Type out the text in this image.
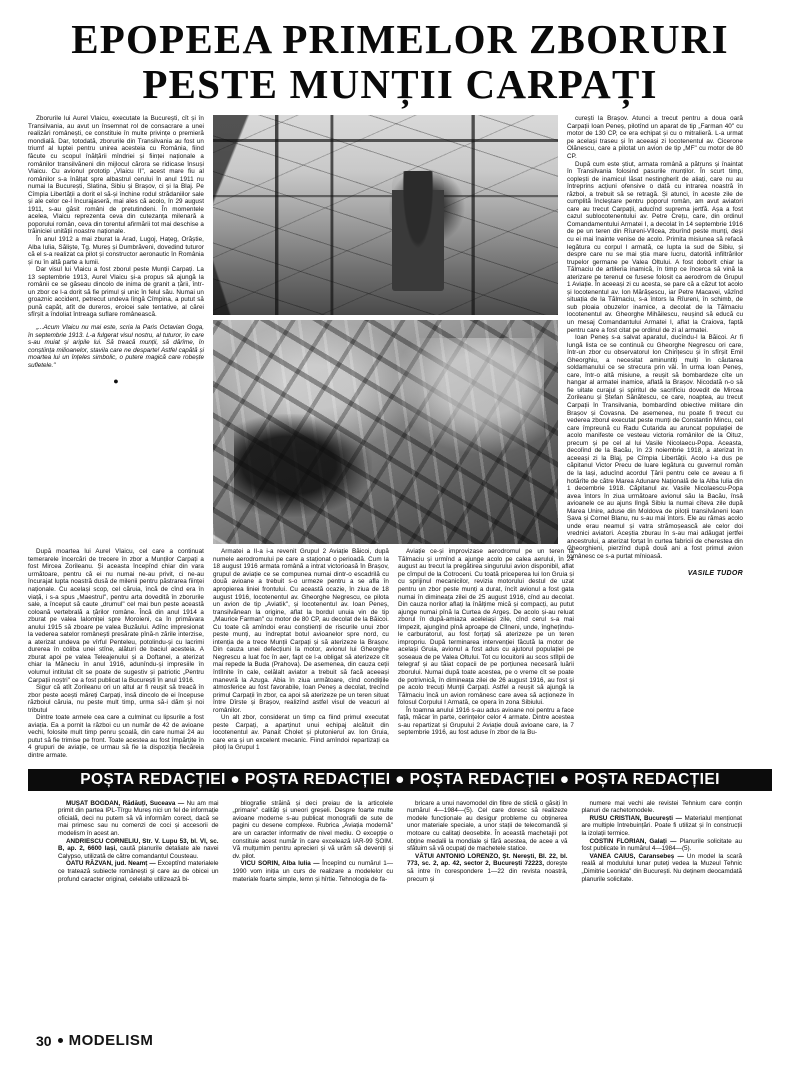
EPOPEEA PRIMELOR ZBORURI
PESTE MUNȚII CARPAȚI

Zborurile lui Aurel Vlaicu, executate la București, cît și în Transilvania, au avut un însemnat rol de consacrare a unei realizări românești, ce constituie în multe privințe o premieră mondială. Dar, totodată, zborurile din Transilvania au fost un triumf al luptei pentru unirea acesteia cu România, fiind făcute cu scopul înălțării mîndriei și ființei naționale a românilor transilvăneni din mijlocul cărora se ridicase însuși Vlaicu. Cu avionul prototip „Vlaicu II", acest mare fiu al românilor s-a înălțat spre albastrul cerului în anul 1911 nu numai la București, Slatina, Sibiu și Brașov, ci și la Blaj. Pe Cîmpia Libertății a dorit el să-și închine rodul strădaniilor sale și ale celor ce-l încurajaseră, mai ales că acolo, în 29 august 1911, s-au găsit români de pretutindeni. În momentele acelea, Vlaicu reprezenta ceva din cutezanța milenară a poporului român, ceva din torentul afirmării tot mai deschise a trăiniciei unității noastre naționale.

În anul 1912 a mai zburat la Arad, Lugoj, Hațeg, Orăștie, Alba Iulia, Săliște, Tg. Mureș și Dumbrăveni, dovedind tuturor că el s-a realizat ca pilot și constructor aeronautic în România și nu în altă parte a lumii.

Dar visul lui Vlaicu a fost zborul peste Munții Carpați. La 13 septembrie 1913, Aurel Vlaicu și-a propus să ajungă la românii ce se găseau dincolo de inima de granit a țării, într-un zbor ce l-a dorit să fie primul și unic în felul său. Numai un groaznic accident, petrecut undeva lîngă Cîmpina, a putut să pună capăt, atît de dureros, eroicei sale tentative, al cărei sfîrșit a îndoliat întreaga suflare românească.

„...Acum Vlaicu nu mai este, scria la Paris Octavian Goga, în septembrie 1913. L-a fulgerat visul nostru, al tuturor, în care s-au muiat și aripile lui. Să treacă munții, să dărîme, în conștiința milioanelor, stavila care ne desparte! Astfel capătă și moartea lui un înțeles simbolic, o putere magică care robește sufletele."

●

curești la Brașov. Atunci a trecut pentru a doua oară Carpații Ioan Peneș, pilotînd un aparat de tip „Farman 40" cu motor de 130 CP, ce era echipat și cu o mitralieră. L-a urmat pe același traseu și în aceeași zi locotenentul av. Cicerone Olănescu, care a pilotat un avion de tip „MF" cu motor de 80 CP.

După cum este știut, armata română a pătruns și înaintat în Transilvania folosind pasurile munților. În scurt timp, coplești de inamicul lăsat nestingherit de aliați, care nu au întreprins acțiuni ofensive o dată cu intrarea noastră în război, a trebuit să se retragă. Și atunci, în aceste zile de cumplită încleștare pentru poporul român, am avut aviatori care au trecut Carpații, aducînd suprema jertfă. Așa a fost cazul sublocotenentului av. Petre Crețu, care, din ordinul Comandamentului Armatei I, a decolat în 14 septembrie 1916 de pe un teren din Rîureni-Vîlcea, zburînd peste munți, deși cu ei mai înainte venise de acolo. Primita misiunea să refacă legătura cu corpul I armată, ce lupta la sud de Sibiu, și despre care nu se mai știa mare lucru, datorită infiltrărilor trupelor germane pe Valea Oltului. A fost doborît chiar la Tălmaciu de artileria inamică, în timp ce încerca să vină la aterizare pe terenul ce fusese folosit ca aerodrom de Grupul 1 Aviație. În aceeași zi cu acesta, se pare că a căzut tot acolo și locotenentul av. Ion Mărășescu, iar Petre Macavei, văzînd situația de la Tălmaciu, s-a întors la Rîureni, în schimb, de sub ploaia obuzelor inamice, a decolat de la Tălmaciu locotenentul av. Gheorghe Mihăilescu, reușind să educă cu un mesaj Comandantului Armatei I, aflat la Craiova, faptă pentru care a fost citat pe ordinul de zi al armatei.

Ioan Peneș s-a salvat aparatul, ducîndu-l la Băicoi. Ar fi lungă lista ce se continuă cu Gheorghe Negrescu ori care, într-un zbor cu observatorul Ion Chirițescu și în sfîrșit Emil Gheorghiu, a necesitat aminuntiți mulți în căutarea soldamanului ce se strecura prin văi. În urma loan Peneș, care, într-o altă misiune, a reușit să bombardeze cîte un hangar al armatei inamice, aflată la Brașov. Nicodată n-o să fie uitate curajul și spiritul de sacrificiu dovedit de Mircea Zorileanu și Ștefan Sănătescu, ce care, noaptea, au trecut Carpații în Transilvania, bombardînd obiective militare din Brașov și Covasna. De asemenea, nu poate fi trecut cu vederea zborul executat peste munți de Constantin Mincu, cel care împreună cu Radu Cutarida au aruncat populației de acolo manifeste ce vesteau victoria românilor de la Oituz, precum și pe cel al lui Vasile Nicolaecu-Popa. Aceasta, decolînd de la Bacău, în 23 noiembrie 1918, a aterizat în aceeași zi la Blaj, pe Cîmpia Libertății. Acolo i-a dus pe căpitanul Victor Precu de luare legătura cu guvernul român de la Iași, aducînd acordul Țării pentru cele ce aveau a fi hotărîte de către Marea Adunare Națională de la Alba Iulia din 1 decembrie 1918. Căpitanul av. Vasile Nicolaescu-Popa avea întors în ziua următoare avionul său la Bacău, însă avioanele ce au ajuns lîngă Sibiu la numai cîteva zile după Marea Unire, aduse din Moldova de piloții transilvăneni Ioan Șava și Cornel Blanu, nu s-au mai întors. Ele au rămas acolo unde erau neamul și vatra strămoșească ale celor doi vrednici aviatori. Aceștia zburau în s-au mai adăugat jertfei ancestrului, a aterizat forțat în curtea fabricii de cherestea din Gheorghieni, pierzînd după două ani a fost primul avion românesc ce s-a purtat mînioasă.

VASILE TUDOR

După moartea lui Aurel Vlaicu, cel care a continuat temerarele încercări de trecere în zbor a Munților Carpați a fost Mircea Zorileanu. Și aceasta începînd chiar din vara următoare, pentru că ei nu numai ne-au privit, ci ne-au încurajat lupta noastră dusă de milenii pentru păstrarea ființei naționale. Cu același scop, cel căruia, încă de cînd era în viață, i s-a spus „Maestrul", pentru arta dovedită în zborurile sale, a început să caute „drumul" cel mai bun peste această coloană vertebrală a țărilor române. Încă din anul 1914 a zburat pe valea Ialomiței spre Moroieni, ca în primăvara anului 1915 să zboare pe valea Buzăului. Adînc impresionat la vederea satelor românești presărate pînă-n zările interzise, a aterizat undeva pe vîrful Penteleu, potolindu-și cu lacrimi durerea în coliba unei stîne, alături de baciul acesteia. A zburat apoi pe valea Teleajenului și a Doftanei, a aterizat chiar la Măneciu în anul 1916, adunîndu-și impresiile în volumul intitulat cît se poate de sugestiv și patriotic „Pentru Carpații noștri" ce a fost publicat la București în anul 1916.

Sigur că atît Zorileanu ori un altul ar fi reușit să treacă în zbor peste acești măreți Carpați, însă dincolo de ei începuse războiul căruia, nu peste mult timp, urma să-i dăm și noi tributul

Dintre toate armele cea care a culminat cu lipsurile a fost aviația. Ea a pornit la război cu un număr de 42 de avioane vechi, folosite mult timp penru școală, din care numai 24 au putut să fie trimise pe front. Toate acestea au fost împărțite în 4 grupuri de aviație, ce urmau să fie la dispoziția fiecăreia dintre armate.

Armatei a II-a i-a revenit Grupul 2 Aviație Băicoi, după numele aerodromului pe care a staționat o perioadă. Cum la 18 august 1916 armata română a intrat victorioasă în Brașov, grupul de aviație ce se compunea numai dintr-o escadrilă cu două avioane a trebuit s-o urmeze pentru a se afla în apropierea liniei frontului. Cu această ocazie, în ziua de 18 august 1916, locotenentul av. Gheorghe Negrescu, ce pilota un avion de tip „Aviatik", și locotenentul av. Ioan Peneș, transilvănean la origine, aflat la bordul unuia vin de tip „Maurice Farman" cu motor de 80 CP, au decolat de la Băicoi. Cu toate că amîndoi erau conștienți de riscurile unui zbor peste munți, au îndreptat botul avioanelor spre nord, cu intenția de a trece Munții Carpați și să aterizeze la Brașov. Din cauza unei defecțiuni la motor, avionul lui Gheorghe Negrescu a luat foc în aer, fapt ce l-a obligat să aterizeze cît mai repede la Buda (Prahova). De asemenea, din cauza ceții întîlnite în cale, celălalt aviator a trebuit să facă aceeași manevră la Azuga. Abia în ziua următoare, cînd condițiile atmosferice au fost favorabile, Ioan Peneș a decolat, trecînd primul Carpații în zbor, ca apoi să aterizeze pe un teren situat între Dîrste și Brașov, realizînd astfel visul de veacuri al românilor.

Un alt zbor, considerat un timp ca fiind primul executat peste Carpați, a aparținut unui echipaj alcătuit din locotenentul av. Panait Cholet și plutonierul av. Ion Gruia, care era și un excelent mecanic. Fiind amîndoi repartizați ca piloți la Grupul 1

Aviație ce-și improvizase aerodromul pe un teren la Tălmaciu și urmînd a ajunge acolo pe calea aerului, în 24 august au trecut la pregătirea singurului avion disponibil, aflat pe cîmpul de la Cotroceni. Cu toată priceperea lui Ion Gruia și cu sprijinul mecanicilor, revizia motorului destul de uzat pentru un zbor peste munți a durat, încît avionul a fost gata numai în dimineața zilei de 25 august 1916, cînd au decolat. Din cauza norilor aflați la înălțime mică și compacți, au putut ajunge numai pînă la Curtea de Argeș. De acolo și-au reluat zborul în după-amiaza aceleiași zile, cînd cerul s-a mai limpezit, ajungînd pînă aproape de Cîlneni, unde, înghețîndu-le carburatorul, au fost forțați să aterizeze pe un teren impropriu. După terminarea intervenției făcută la motor de același Gruia, avionul a fost adus cu ajutorul populației pe șoseaua de pe Valea Oltului. Tot cu locuitorii au scos stîlpii de telegraf și au tăiat copacii de pe porțiunea necesară luării zborului. Numai după toate acestea, pe o vreme cît se poate de potrivnică, în dimineața zilei de 26 august 1916, au fost și pe acolo trecuți Munții Carpați. Astfel a reușit să ajungă la Tălmaciu încă un avion românesc care avea să acționeze în folosul Corpului I Armată, ce opera în zona Sibiului.

În toamna anului 1916 s-au adus avioane noi pentru a face față, măcar în parte, cerințelor celor 4 armate. Dintre acestea s-au repartizat și Grupului 2 Aviație două avioane care, la 7 septembrie 1916, au fost aduse în zbor de la Bu-

POȘTA REDACȚIEI ● POȘTA REDACȚIEI ● POȘTA REDACȚIEI ● POȘTA REDACȚIEI

MUȘAT BOGDAN, Rădăuți, Suceava — Nu am mai primit din partea IPL-Tîrgu Mureș nici un fel de informație oficială, deci nu putem să vă informăm corect, dacă se mai primesc sau nu comenzi de coci și accesorii de modelism în acest an.

ANDRIESCU CORNELIU, Str. V. Lupu 53, bl. VI, sc. B, ap. 2, 6600 Iași, caută planurile detaliate ale navei Calypso, utilizată de către comandantul Cousteau.

OATU RĂZVAN, jud. Neamț — Exceptînd materialele ce tratează subiecte românești și care au de obicei un profund caracter original, celelalte utilizează bi-

bliografie străină și deci preiau de la articolele „primare" calități și uneori greșeli. Despre foarte multe avioane moderne s-au publicat monografii de sute de pagini cu desene complexe. Rubrica „Aviația modernă" are un caracter informativ de nivel mediu. O excepție o constituie acest număr în care excelează IAR-99 ȘOIM. Vă mulțumim pentru aprecieri și vă urăm să deveniți și dv. pilot.

VICU SORIN, Alba Iulia — Începînd cu numărul 1—1990 vom iniția un curs de realizare a modelelor cu materiale foarte simple, lemn și hîrtie. Tehnologia de fa-

bricare a unui navomodel din fibre de sticlă o găsiți în numărul 4—1984—(5). Cel care doresc să realizeze modele funcționale au desigur probleme cu obținerea unor materiale speciale, a unor stații de telecomandă și motoare cu calitați deosebite. În această machetajii pot obține medalii la mondiale și fără acestea, de acee a vă sfătuim să vă ocupați de machetele statice.

VĂTUI ANTONIO LORENZO, Șt. Nerești, Bl. 22, bl. 773, sc. 2, ap. 42, sector 2, București 72223, dorește să intre în corespondere 1—22 din revista noastră, precum și

numere mai vechi ale revistei Tehnium care conțin planuri de rachetomodele.

RUSU CRISTIAN, București — Materialul menționat are multiple întrebuințări. Poate fi utilizat și în construcții la izolații termice.

COSTIN FLORIAN, Galați — Planurile solicitate au fost publicate în numărul 4—1984—(5).

VANEA CAIUS, Caransebeș — Un model la scară reală al modulului lunar puteți vedea la Muzeul Tehnic „Dimitrie Leonida" din București. Nu deținem deocamdată planurile solicitate.

30 MODELISM
